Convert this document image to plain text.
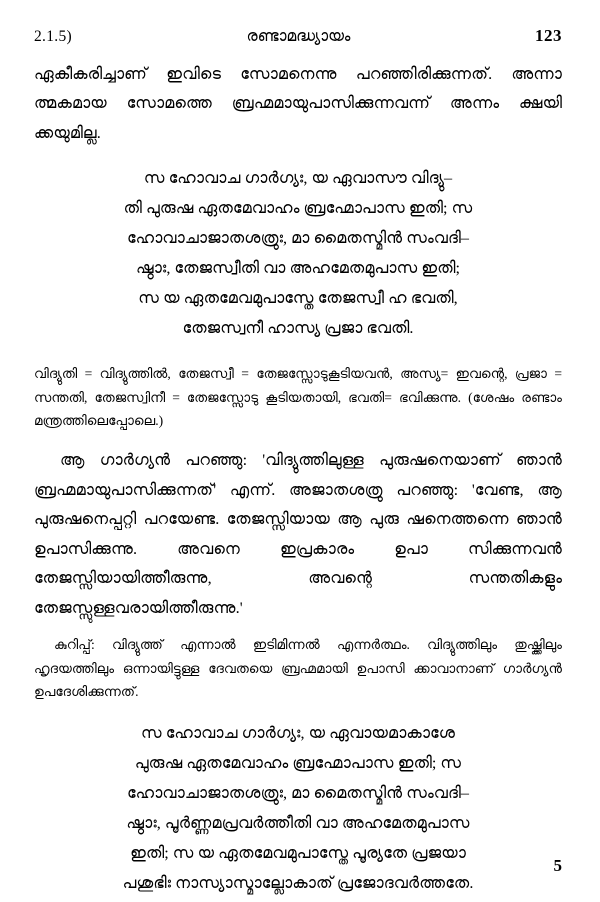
2.1.5)	രണ്ടാമദ്ധ്യായം	123

ഏകീകരിച്ചാണ് ഇവിടെ സോമനെന്നു പറഞ്ഞിരിക്കുന്നത്. അന്നാ ത്മകമായ സോമത്തെ ബ്രഹ്മമായുപാസിക്കുന്നവന്ന് അന്നം ക്ഷയി ക്കയുമില്ല.

സ ഹോവാച ഗാർഗ്യഃ, യ ഏവാസൗ വിദ്യു–
തി പുരുഷ ഏതമേവാഹം ബ്രഹ്മോപാസ ഇതി; സ
ഹോവാചാജാതശത്രുഃ, മാ മൈതസ്മിൻ സംവദി–
ഷ്ഠാഃ, തേജസ്വീതി വാ അഹമേതമുപാസ ഇതി;
സ യ ഏതമേവമുപാസ്തേ തേജസ്വീ ഹ ഭവതി,
തേജസ്വനീ ഹാസ്യ പ്രജാ ഭവതി.

വിദ്യുതി = വിദ്യുത്തിൽ, തേജസ്വീ = തേജസ്സോടുകൂടിയവൻ, അസ്യ= ഇവന്റെ, പ്രജാ = സന്തതി, തേജസ്വിനീ = തേജസ്സോടു കൂടിയതായി, ഭവതി= ഭവിക്കുന്നു. (ശേഷം രണ്ടാം മന്ത്രത്തിലെപ്പോലെ.)

ആ ഗാർഗ്യൻ പറഞ്ഞു: 'വിദ്യുത്തിലുള്ള പുരുഷനെയാണ് ഞാൻ ബ്രഹ്മമായുപാസിക്കുന്നത്' എന്ന്. അജാതശത്രു പറഞ്ഞു: 'വേണ്ട, ആ പുരുഷനെപ്പറ്റി പറയേണ്ട. തേജസ്സിയായ ആ പുരു ഷനെത്തന്നെ ഞാൻ ഉപാസിക്കുന്നു. അവനെ ഇപ്രകാരം ഉപാ സിക്കുന്നവൻ തേജസ്സിയായിത്തീരുന്നു, അവന്റെ സന്തതികളും തേജസ്സുള്ളവരായിത്തീരുന്നു.'

കുറിപ്പ്: വിദ്യുത്ത് എന്നാൽ ഇടിമിന്നൽ എന്നർത്ഥം. വിദ്യുത്തിലും തുഷ്ക്കിലും ഹൃദയത്തിലും ഒന്നായിട്ടുള്ള ദേവതയെ ബ്രഹ്മമായി ഉപാസി ക്കാവാനാണ് ഗാർഗ്യൻ ഉപദേശിക്കുന്നത്.

സ ഹോവാച ഗാർഗ്യഃ, യ ഏവായമാകാശേ
പുരുഷ ഏതമേവാഹം ബ്രഹ്മോപാസ ഇതി; സ
ഹോവാചാജാതശത്രുഃ, മാ മൈതസ്മിൻ സംവദി–
ഷ്ഠാഃ, പൂർണ്ണമപ്രവർത്തീതി വാ അഹമേതമുപാസ
ഇതി; സ യ ഏതമേവമുപാസ്തേ പൂര്യതേ പ്രജയാ
പശുഭിഃ നാസ്യാസ്മാല്ലോകാത് പ്രജോദവർത്തതേ.
5
